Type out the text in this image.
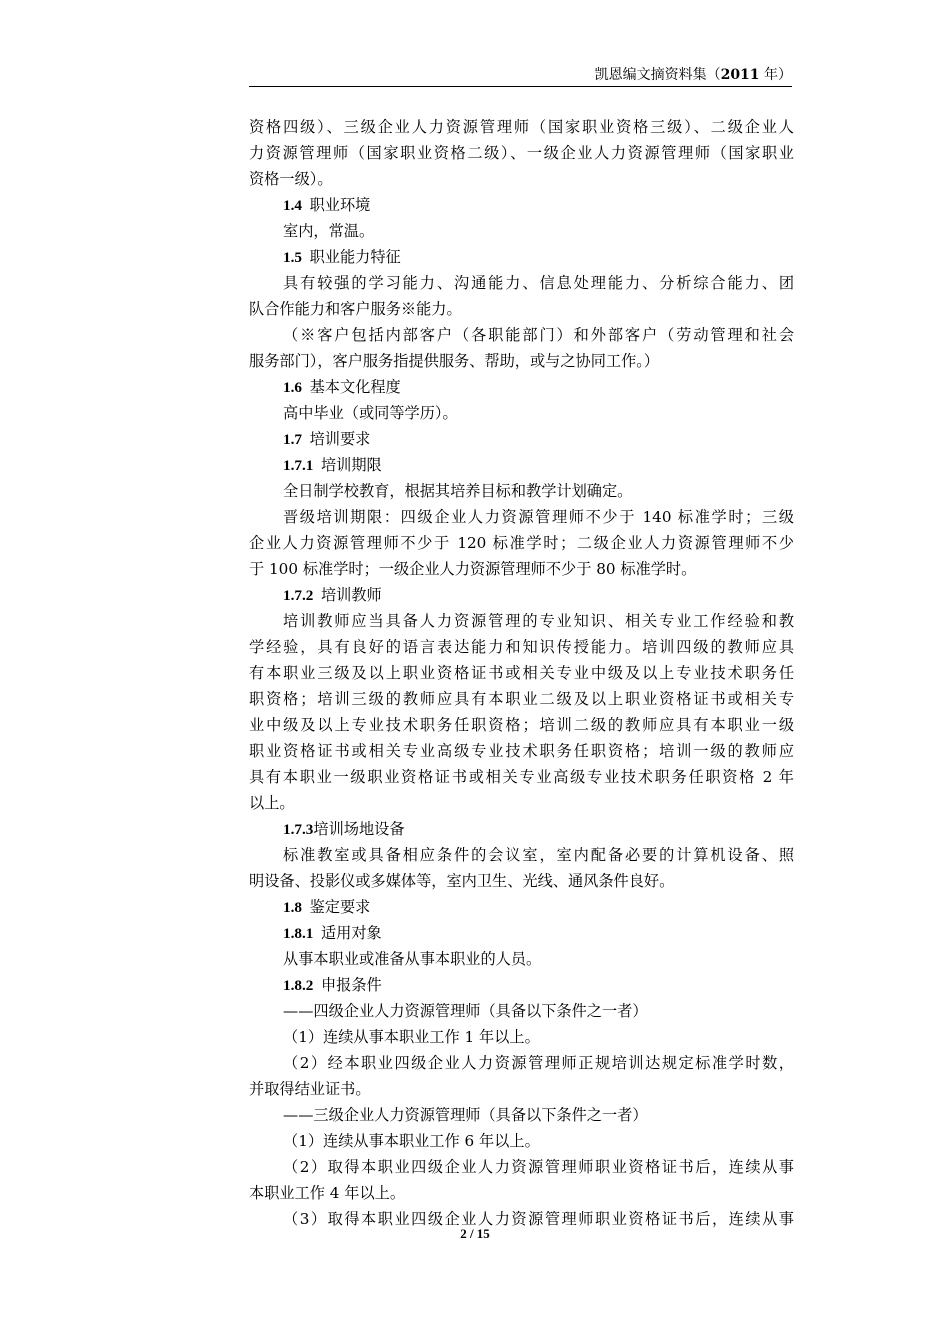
凯恩编文摘资料集（2011 年）
资格四级）、三级企业人力资源管理师（国家职业资格三级）、二级企业人
力资源管理师（国家职业资格二级）、一级企业人力资源管理师（国家职业
资格一级）。
1.4  职业环境
室内，常温。
1.5  职业能力特征
具有较强的学习能力、沟通能力、信息处理能力、分析综合能力、团
队合作能力和客户服务※能力。
（※客户包括内部客户（各职能部门）和外部客户（劳动管理和社会
服务部门），客户服务指提供服务、帮助，或与之协同工作。）
1.6  基本文化程度
高中毕业（或同等学历）。
1.7  培训要求
1.7.1  培训期限
全日制学校教育，根据其培养目标和教学计划确定。
晋级培训期限：四级企业人力资源管理师不少于 140 标准学时；三级
企业人力资源管理师不少于 120 标准学时；二级企业人力资源管理师不少
于 100 标准学时；一级企业人力资源管理师不少于 80 标准学时。
1.7.2  培训教师
培训教师应当具备人力资源管理的专业知识、相关专业工作经验和教
学经验，具有良好的语言表达能力和知识传授能力。培训四级的教师应具
有本职业三级及以上职业资格证书或相关专业中级及以上专业技术职务任
职资格；培训三级的教师应具有本职业二级及以上职业资格证书或相关专
业中级及以上专业技术职务任职资格；培训二级的教师应具有本职业一级
职业资格证书或相关专业高级专业技术职务任职资格；培训一级的教师应
具有本职业一级职业资格证书或相关专业高级专业技术职务任职资格 2 年
以上。
1.7.3培训场地设备
标准教室或具备相应条件的会议室，室内配备必要的计算机设备、照
明设备、投影仪或多媒体等，室内卫生、光线、通风条件良好。
1.8  鉴定要求
1.8.1  适用对象
从事本职业或准备从事本职业的人员。
1.8.2  申报条件
——四级企业人力资源管理师（具备以下条件之一者）
（1）连续从事本职业工作 1 年以上。
（2）经本职业四级企业人力资源管理师正规培训达规定标准学时数，
并取得结业证书。
——三级企业人力资源管理师（具备以下条件之一者）
（1）连续从事本职业工作 6 年以上。
（2）取得本职业四级企业人力资源管理师职业资格证书后，连续从事
本职业工作 4 年以上。
（3）取得本职业四级企业人力资源管理师职业资格证书后，连续从事
2 / 15
